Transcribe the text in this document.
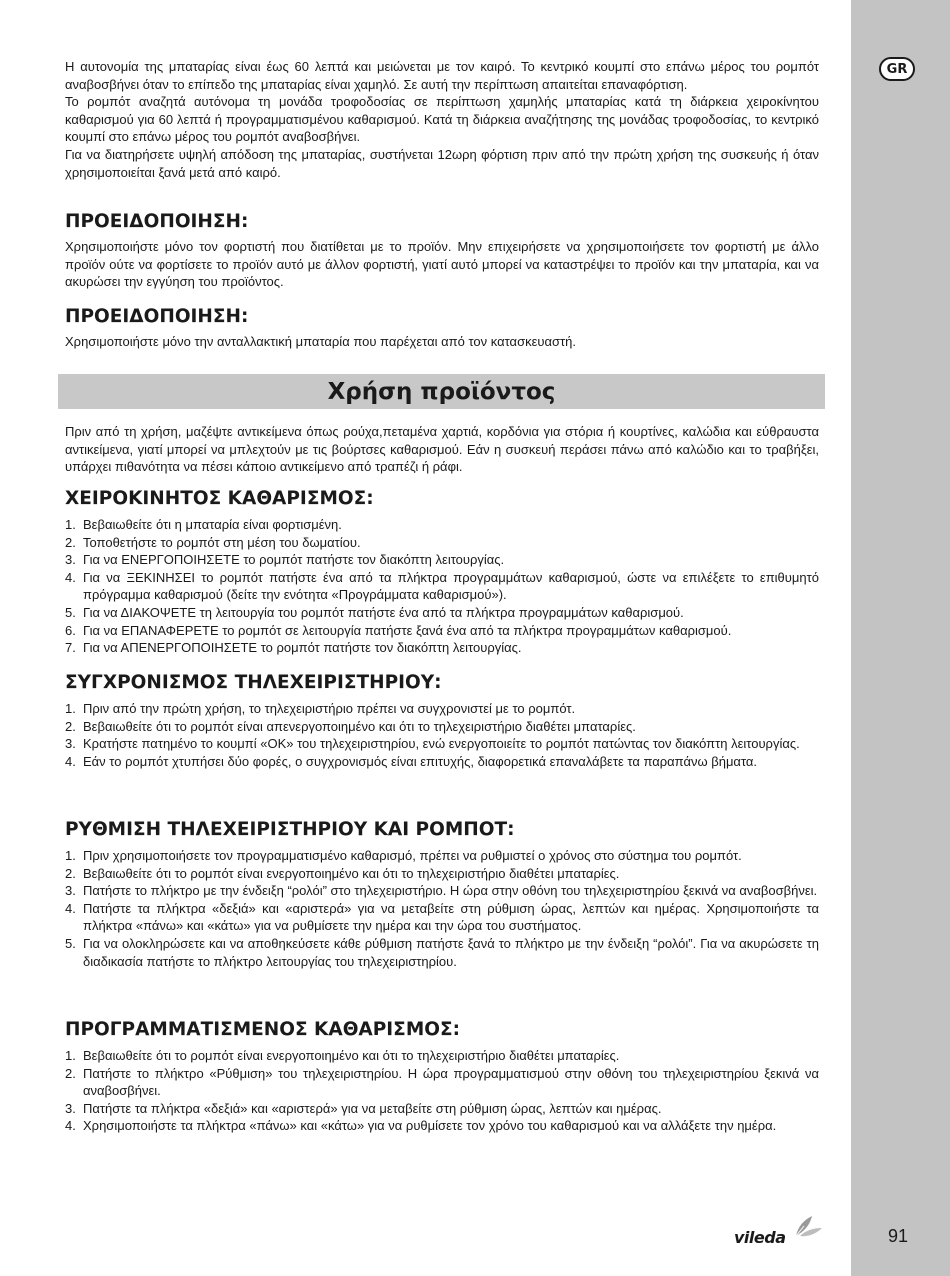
GR
91

Η αυτονομία της μπαταρίας είναι έως 60 λεπτά και μειώνεται με τον καιρό. Το κεντρικό κουμπί στο επάνω μέρος του ρομπότ αναβοσβήνει όταν το επίπεδο της μπαταρίας είναι χαμηλό. Σε αυτή την περίπτωση απαιτείται επαναφόρτιση.

Το ρομπότ αναζητά αυτόνομα τη μονάδα τροφοδοσίας σε περίπτωση χαμηλής μπαταρίας κατά τη διάρκεια χειροκίνητου καθαρισμού για 60 λεπτά ή προγραμματισμένου καθαρισμού. Κατά τη διάρκεια αναζήτησης της μονάδας τροφοδοσίας, το κεντρικό κουμπί στο επάνω μέρος του ρομπότ αναβοσβήνει.

Για να διατηρήσετε υψηλή απόδοση της μπαταρίας, συστήνεται 12ωρη φόρτιση πριν από την πρώτη χρήση της συσκευής ή όταν χρησιμοποιείται ξανά μετά από καιρό.

ΠΡΟΕΙΔΟΠΟΙΗΣΗ:

Χρησιμοποιήστε μόνο τον φορτιστή που διατίθεται με το προϊόν. Μην επιχειρήσετε να χρησιμοποιήσετε τον φορτιστή με άλλο προϊόν ούτε να φορτίσετε το προϊόν αυτό με άλλον φορτιστή, γιατί αυτό μπορεί να καταστρέψει το προϊόν και την μπαταρία, και να ακυρώσει την εγγύηση του προϊόντος.

ΠΡΟΕΙΔΟΠΟΙΗΣΗ:

Χρησιμοποιήστε μόνο την ανταλλακτική μπαταρία που παρέχεται από τον κατασκευαστή.

Χρήση προϊόντος

Πριν από τη χρήση, μαζέψτε αντικείμενα όπως ρούχα,πεταμένα χαρτιά, κορδόνια για στόρια ή κουρτίνες, καλώδια και εύθραυστα αντικείμενα, γιατί μπορεί να μπλεχτούν με τις βούρτσες καθαρισμού. Εάν η συσκευή περάσει πάνω από καλώδιο και το τραβήξει, υπάρχει πιθανότητα να πέσει κάποιο αντικείμενο από τραπέζι ή ράφι.

ΧΕΙΡΟΚΙΝΗΤΟΣ ΚΑΘΑΡΙΣΜΟΣ:
1. Βεβαιωθείτε ότι η μπαταρία είναι φορτισμένη.
2. Τοποθετήστε το ρομπότ στη μέση του δωματίου.
3. Για να ΕΝΕΡΓΟΠΟΙΗΣΕΤΕ το ρομπότ πατήστε τον διακόπτη λειτουργίας.
4. Για να ΞΕΚΙΝΗΣΕΙ το ρομπότ πατήστε ένα από τα πλήκτρα προγραμμάτων καθαρισμού, ώστε να επιλέξετε το επιθυμητό πρόγραμμα καθαρισμού (δείτε την ενότητα «Προγράμματα καθαρισμού»).
5. Για να ΔΙΑΚΟΨΕΤΕ τη λειτουργία του ρομπότ πατήστε ένα από τα πλήκτρα προγραμμάτων καθαρισμού.
6. Για να ΕΠΑΝΑΦΕΡΕΤΕ το ρομπότ σε λειτουργία πατήστε ξανά ένα από τα πλήκτρα προγραμμάτων καθαρισμού.
7. Για να ΑΠΕΝΕΡΓΟΠΟΙΗΣΕΤΕ το ρομπότ πατήστε τον διακόπτη λειτουργίας.
ΣΥΓΧΡΟΝΙΣΜΟΣ ΤΗΛΕΧΕΙΡΙΣΤΗΡΙΟΥ:
1. Πριν από την πρώτη χρήση, το τηλεχειριστήριο πρέπει να συγχρονιστεί με το ρομπότ.
2. Βεβαιωθείτε ότι το ρομπότ είναι απενεργοποιημένο και ότι το τηλεχειριστήριο διαθέτει μπαταρίες.
3. Κρατήστε πατημένο το κουμπί «ΟΚ» του τηλεχειριστηρίου, ενώ ενεργοποιείτε το ρομπότ πατώντας τον διακόπτη λειτουργίας.
4. Εάν το ρομπότ χτυπήσει δύο φορές, ο συγχρονισμός είναι επιτυχής, διαφορετικά επαναλάβετε τα παραπάνω βήματα.
ΡΥΘΜΙΣΗ ΤΗΛΕΧΕΙΡΙΣΤΗΡΙΟΥ ΚΑΙ ΡΟΜΠΟΤ:
1. Πριν χρησιμοποιήσετε τον προγραμματισμένο καθαρισμό, πρέπει να ρυθμιστεί ο χρόνος στο σύστημα του ρομπότ.
2. Βεβαιωθείτε ότι το ρομπότ είναι ενεργοποιημένο και ότι το τηλεχειριστήριο διαθέτει μπαταρίες.
3. Πατήστε το πλήκτρο με την ένδειξη “ρολόι” στο τηλεχειριστήριο. Η ώρα στην οθόνη του τηλεχειριστηρίου ξεκινά να αναβοσβήνει.
4. Πατήστε τα πλήκτρα «δεξιά» και «αριστερά» για να μεταβείτε στη ρύθμιση ώρας, λεπτών και ημέρας. Χρησιμοποιήστε τα πλήκτρα «πάνω» και «κάτω» για να ρυθμίσετε την ημέρα και την ώρα του συστήματος.
5. Για να ολοκληρώσετε και να αποθηκεύσετε κάθε ρύθμιση πατήστε ξανά το πλήκτρο με την ένδειξη “ρολόι”. Για να ακυρώσετε τη διαδικασία πατήστε το πλήκτρο λειτουργίας του τηλεχειριστηρίου.
ΠΡΟΓΡΑΜΜΑΤΙΣΜΕΝΟΣ ΚΑΘΑΡΙΣΜΟΣ:
1. Βεβαιωθείτε ότι το ρομπότ είναι ενεργοποιημένο και ότι το τηλεχειριστήριο διαθέτει μπαταρίες.
2. Πατήστε το πλήκτρο «Ρύθμιση» του τηλεχειριστηρίου. Η ώρα προγραμματισμού στην οθόνη του τηλεχειριστηρίου ξεκινά να αναβοσβήνει.
3. Πατήστε τα πλήκτρα «δεξιά» και «αριστερά» για να μεταβείτε στη ρύθμιση ώρας, λεπτών και ημέρας.
4. Χρησιμοποιήστε τα πλήκτρα «πάνω» και «κάτω» για να ρυθμίσετε τον χρόνο του καθαρισμού και να αλλάξετε την ημέρα.
vileda
